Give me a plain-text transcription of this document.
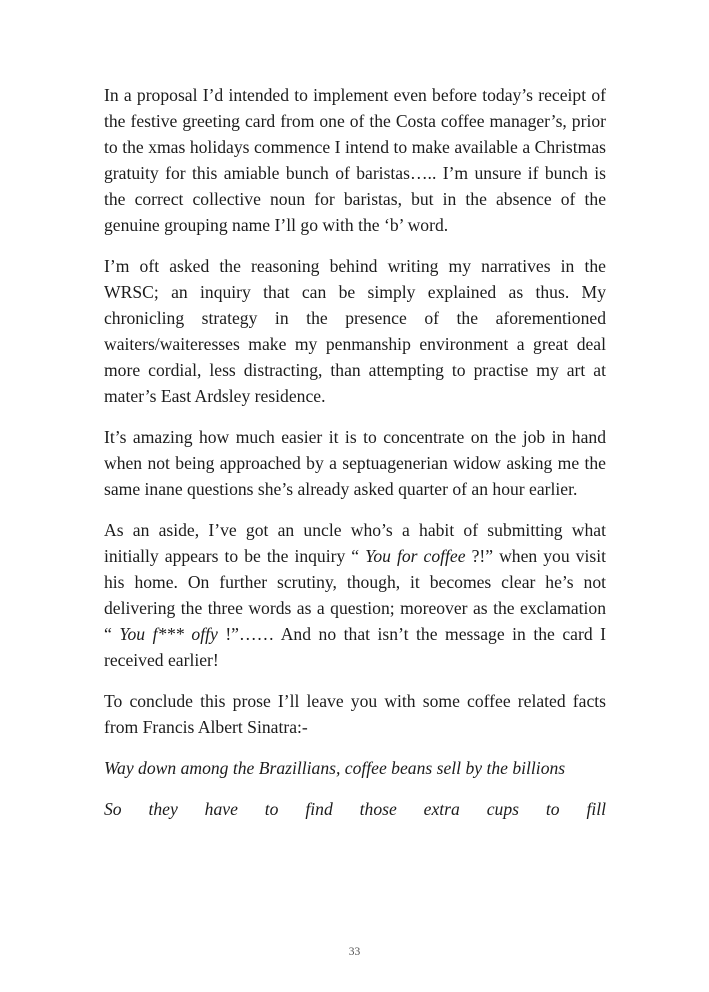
In a proposal I’d intended to implement even before today’s receipt of the festive greeting card from one of the Costa coffee manager’s, prior to the xmas holidays commence I intend to make available a Christmas gratuity for this amiable bunch of baristas….. I’m unsure if bunch is the correct collective noun for baristas, but in the absence of the genuine grouping name I’ll go with the ‘b’ word.

I’m oft asked the reasoning behind writing my narratives in the WRSC; an inquiry that can be simply explained as thus. My chronicling strategy in the presence of the aforementioned waiters/waiteresses make my penmanship environment a great deal more cordial, less distracting, than attempting to practise my art at mater’s East Ardsley residence.

It’s amazing how much easier it is to concentrate on the job in hand when not being approached by a septuagenerian widow asking me the same inane questions she’s already asked quarter of an hour earlier.

As an aside, I’ve got an uncle who’s a habit of submitting what initially appears to be the inquiry “ You for coffee ?!” when you visit his home. On further scrutiny, though, it becomes clear he’s not delivering the three words as a question; moreover as the exclamation “ You f*** offy !”…… And no that isn’t the message in the card I received earlier!

To conclude this prose I’ll leave you with some coffee related facts from Francis Albert Sinatra:-

Way down among the Brazillians, coffee beans sell by the billions

So they have to find those extra cups to fill

33
